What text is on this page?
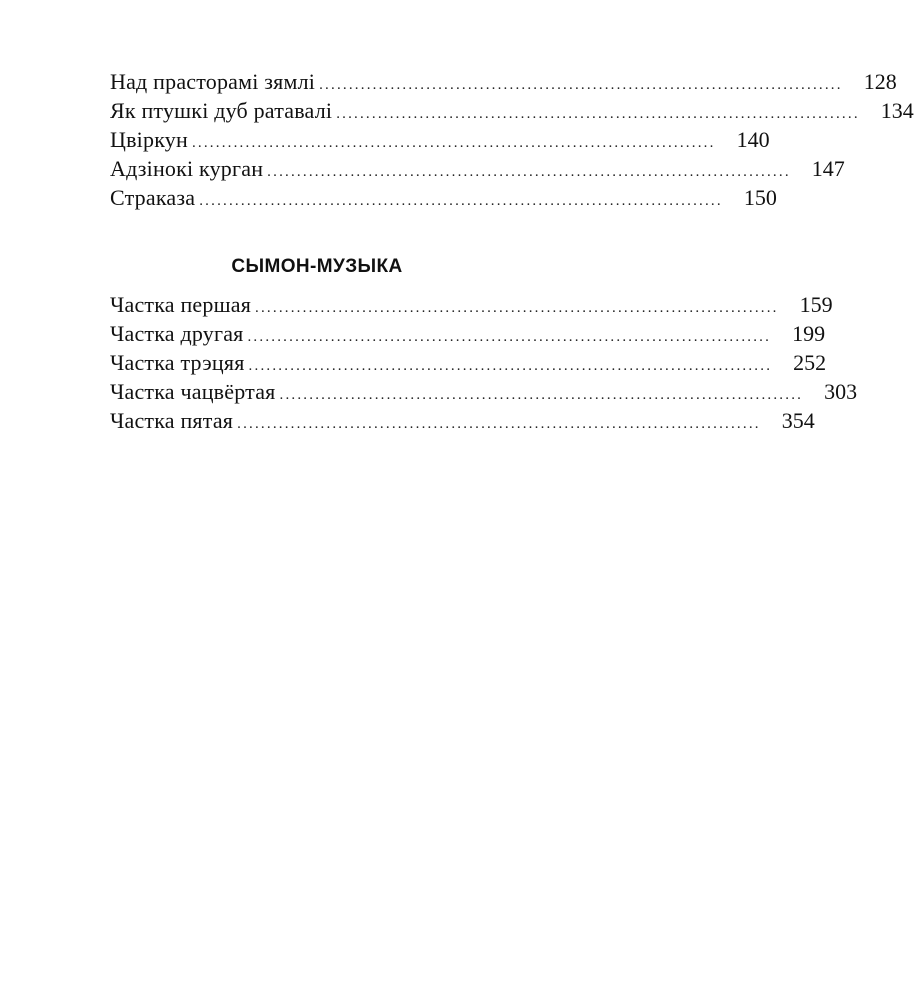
Над прасторамі зямлі ........................................................................................ 128
Як птушкі дуб ратавалі ........................................................................................ 134
Цвіркун ........................................................................................ 140
Адзінокі курган ........................................................................................ 147
Страказа ........................................................................................ 150
СЫМОН-МУЗЫКА
Частка першая ........................................................................................ 159
Частка другая ........................................................................................ 199
Частка трэцяя ........................................................................................ 252
Частка чацвёртая ........................................................................................ 303
Частка пятая ........................................................................................ 354
